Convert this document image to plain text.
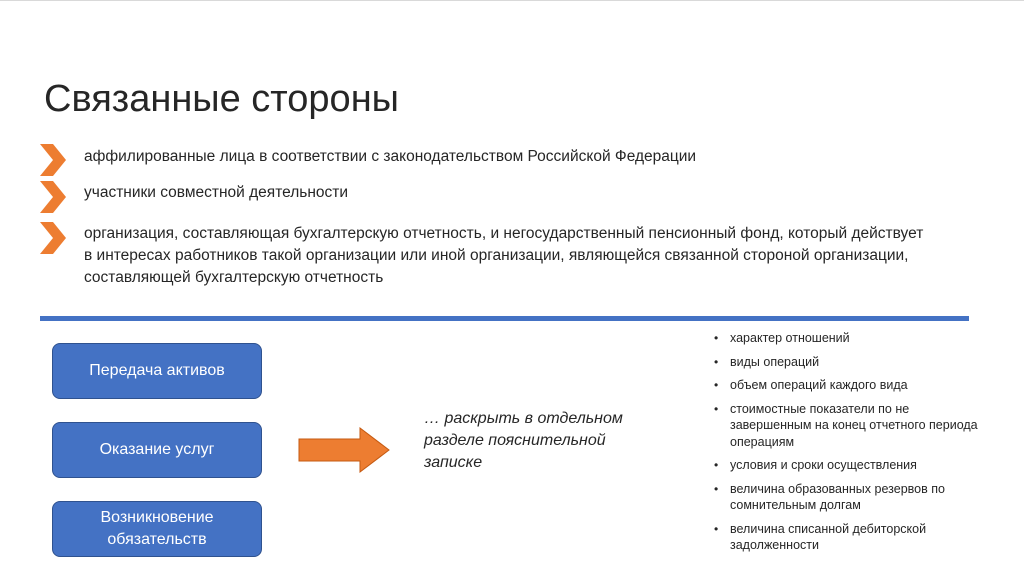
Связанные стороны
аффилированные лица в соответствии с законодательством Российской Федерации
участники совместной деятельности
организация, составляющая бухгалтерскую отчетность, и негосударственный пенсионный фонд, который действует в интересах работников такой организации или иной организации, являющейся связанной стороной организации, составляющей бухгалтерскую отчетность
Передача активов
Оказание услуг
Возникновение обязательств
… раскрыть в отдельном разделе пояснительной записке
• характер отношений
• виды операций
• объем операций каждого вида
• стоимостные показатели по не завершенным на конец отчетного периода операциям
• условия и сроки осуществления
• величина образованных резервов по сомнительным долгам
• величина списанной дебиторской задолженности
